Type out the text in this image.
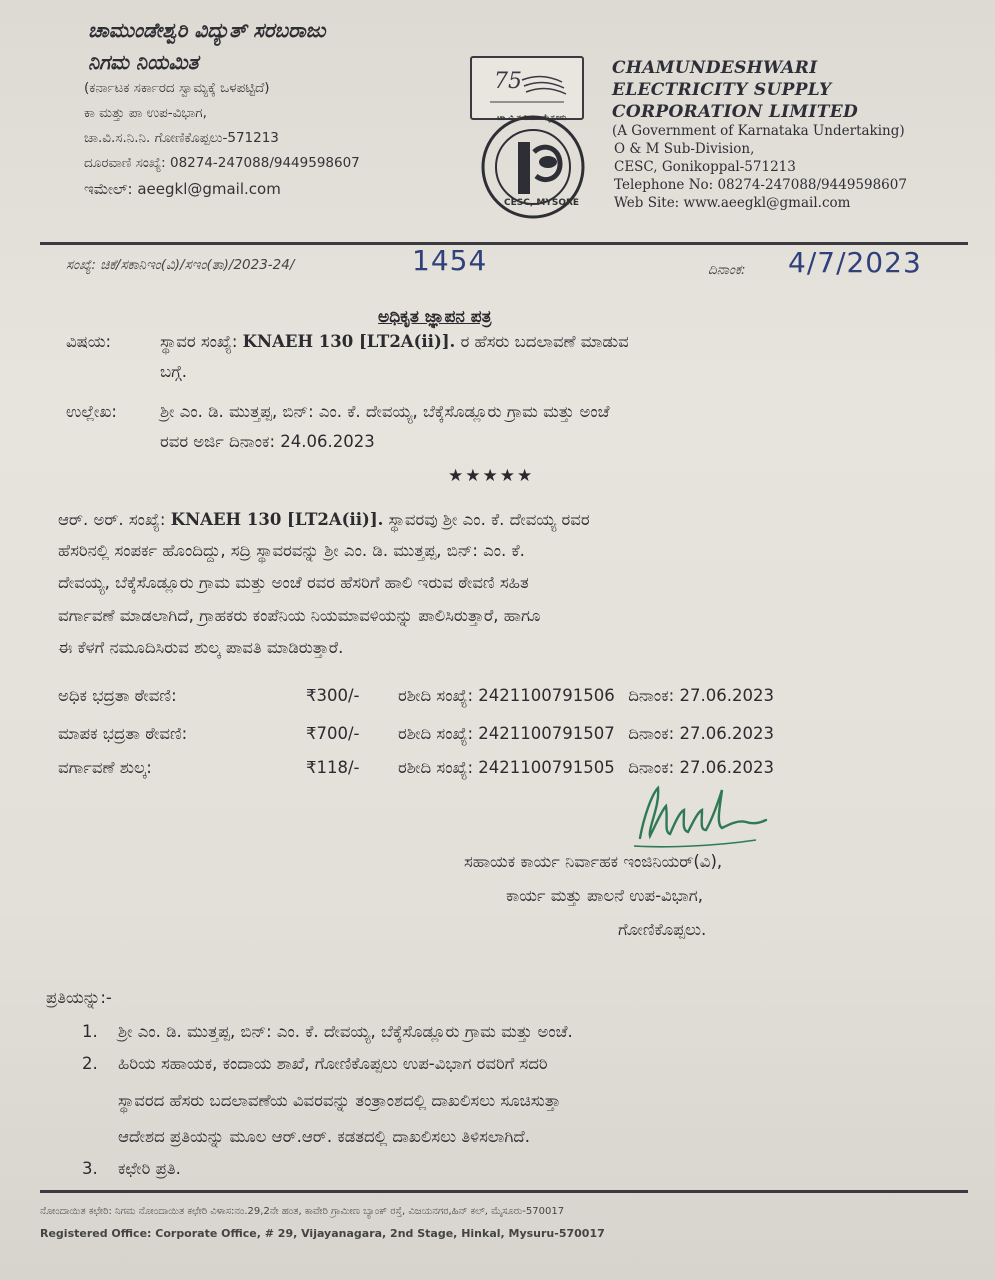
ಚಾಮುಂಡೇಶ್ವರಿ ವಿದ್ಯುತ್ ಸರಬರಾಜು
ನಿಗಮ ನಿಯಮಿತ
(ಕರ್ನಾಟಕ ಸರ್ಕಾರದ ಸ್ವಾಮ್ಯಕ್ಕೆ ಒಳಪಟ್ಟಿದೆ)
ಕಾ ಮತ್ತು ಪಾ ಉಪ-ವಿಭಾಗ,
ಚಾ.ವಿ.ಸ.ನಿ.ನಿ. ಗೋಣಿಕೊಪ್ಪಲು-571213
ದೂರವಾಣಿ ಸಂಖ್ಯೆ: 08274-247088/9449598607
ಇಮೇಲ್: aeegkl@gmail.com
75
ಚಾ.ವಿ.ಸ.ನಿ.ನಿ. ಮೈಸೂರು
CESC, MYSORE
CHAMUNDESHWARI
ELECTRICITY SUPPLY
CORPORATION LIMITED
(A Government of Karnataka Undertaking)
O & M Sub-Division,
CESC, Gonikoppal-571213
Telephone No: 08274-247088/9449598607
Web Site: www.aeegkl@gmail.com
ಸಂಖ್ಯೆ: ಚಿಕೆ/ಸಕಾನಿಇಂ(ವಿ)/ಸಇಂ(ತಾ)/2023-24/	1454	ದಿನಾಂಕ: 4/7/2023
ಅಧಿಕೃತ ಜ್ಞಾಪನ ಪತ್ರ
ವಿಷಯ:	ಸ್ಥಾವರ ಸಂಖ್ಯೆ: KNAEH 130 [LT2A(ii)]. ರ ಹೆಸರು ಬದಲಾವಣೆ ಮಾಡುವ
ಬಗ್ಗೆ.
ಉಲ್ಲೇಖ:	ಶ್ರೀ ಎಂ. ಡಿ. ಮುತ್ತಪ್ಪ, ಬಿನ್: ಎಂ. ಕೆ. ದೇವಯ್ಯ, ಬೆಕ್ಕೆಸೊಡ್ಲೂರು ಗ್ರಾಮ ಮತ್ತು ಅಂಚೆ
ರವರ ಅರ್ಜಿ ದಿನಾಂಕ: 24.06.2023
★★★★★
ಆರ್. ಅರ್. ಸಂಖ್ಯೆ: KNAEH 130 [LT2A(ii)]. ಸ್ಥಾವರವು ಶ್ರೀ ಎಂ. ಕೆ. ದೇವಯ್ಯ ರವರ
ಹೆಸರಿನಲ್ಲಿ ಸಂಪರ್ಕ ಹೊಂದಿದ್ದು, ಸದ್ರಿ ಸ್ಥಾವರವನ್ನು ಶ್ರೀ ಎಂ. ಡಿ. ಮುತ್ತಪ್ಪ, ಬಿನ್: ಎಂ. ಕೆ.
ದೇವಯ್ಯ, ಬೆಕ್ಕೆಸೊಡ್ಲೂರು ಗ್ರಾಮ ಮತ್ತು ಅಂಚೆ ರವರ ಹೆಸರಿಗೆ ಹಾಲಿ ಇರುವ ಠೇವಣಿ ಸಹಿತ
ವರ್ಗಾವಣೆ ಮಾಡಲಾಗಿದೆ, ಗ್ರಾಹಕರು ಕಂಪೆನಿಯ ನಿಯಮಾವಳಿಯನ್ನು ಪಾಲಿಸಿರುತ್ತಾರೆ, ಹಾಗೂ
ಈ ಕೆಳಗೆ ನಮೂದಿಸಿರುವ ಶುಲ್ಕ ಪಾವತಿ ಮಾಡಿರುತ್ತಾರೆ.
ಅಧಿಕ ಭದ್ರತಾ ಠೇವಣಿ:	₹300/- ರಶೀದಿ ಸಂಖ್ಯೆ: 2421100791506 ದಿನಾಂಕ: 27.06.2023
ಮಾಪಕ ಭದ್ರತಾ ಠೇವಣಿ:	₹700/- ರಶೀದಿ ಸಂಖ್ಯೆ: 2421100791507 ದಿನಾಂಕ: 27.06.2023
ವರ್ಗಾವಣೆ ಶುಲ್ಕ:	₹118/- ರಶೀದಿ ಸಂಖ್ಯೆ: 2421100791505 ದಿನಾಂಕ: 27.06.2023
ಸಹಾಯಕ ಕಾರ್ಯ ನಿರ್ವಾಹಕ ಇಂಜಿನಿಯರ್(ವಿ),
ಕಾರ್ಯ ಮತ್ತು ಪಾಲನೆ ಉಪ-ವಿಭಾಗ,
ಗೋಣಿಕೊಪ್ಪಲು.
ಪ್ರತಿಯನ್ನು:-
1. ಶ್ರೀ ಎಂ. ಡಿ. ಮುತ್ತಪ್ಪ, ಬಿನ್: ಎಂ. ಕೆ. ದೇವಯ್ಯ, ಬೆಕ್ಕೆಸೊಡ್ಲೂರು ಗ್ರಾಮ ಮತ್ತು ಅಂಚೆ.
2. ಹಿರಿಯ ಸಹಾಯಕ, ಕಂದಾಯ ಶಾಖೆ, ಗೋಣಿಕೊಪ್ಪಲು ಉಪ-ವಿಭಾಗ ರವರಿಗೆ ಸದರಿ
ಸ್ಥಾವರದ ಹೆಸರು ಬದಲಾವಣೆಯ ವಿವರವನ್ನು ತಂತ್ರಾಂಶದಲ್ಲಿ ದಾಖಲಿಸಲು ಸೂಚಿಸುತ್ತಾ
ಆದೇಶದ ಪ್ರತಿಯನ್ನು ಮೂಲ ಆರ್.ಆರ್. ಕಡತದಲ್ಲಿ ದಾಖಲಿಸಲು ತಿಳಿಸಲಾಗಿದೆ.
3. ಕಛೇರಿ ಪ್ರತಿ.
ನೋಂದಾಯಿತ ಕಛೇರಿ: ನಿಗಮ ನೋಂದಾಯಿತ ಕಛೇರಿ ವಿಳಾಸ:ನಂ.29,2ನೇ ಹಂತ, ಕಾವೇರಿ ಗ್ರಾಮೀಣ ಬ್ಯಾಂಕ್ ರಸ್ತೆ, ವಿಜಯನಗರ,ಹಿನ್ ಕಲ್, ಮೈಸೂರು-570017
Registered Office: Corporate Office, # 29, Vijayanagara, 2nd Stage, Hinkal, Mysuru-570017
